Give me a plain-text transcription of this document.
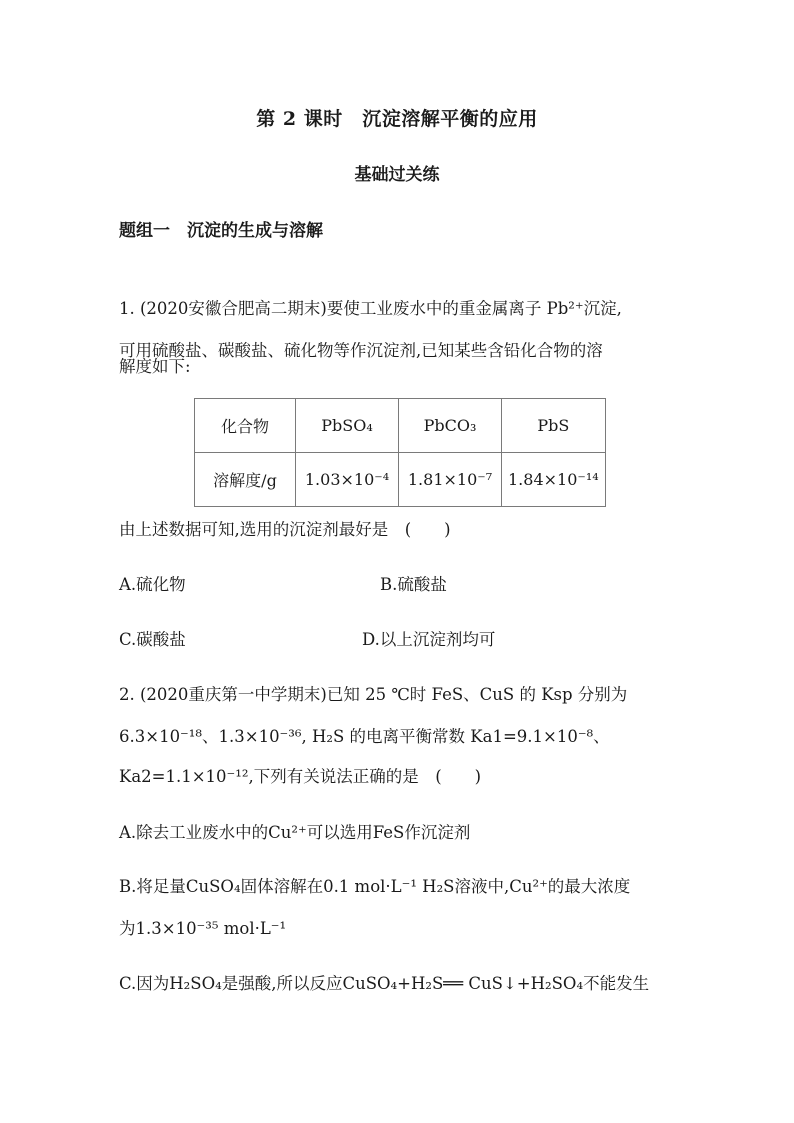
第 2 课时　沉淀溶解平衡的应用
基础过关练
题组一　沉淀的生成与溶解
1. (2020安徽合肥高二期末)要使工业废水中的重金属离子 Pb²⁺沉淀,
可用硫酸盐、碳酸盐、硫化物等作沉淀剂,已知某些含铅化合物的溶
解度如下:
化合物	PbSO₄	PbCO₃	PbS
溶解度/g	1.03×10⁻⁴	1.81×10⁻⁷	1.84×10⁻¹⁴
由上述数据可知,选用的沉淀剂最好是　(　　)
A.硫化物	B.硫酸盐
C.碳酸盐	D.以上沉淀剂均可
2. (2020重庆第一中学期末)已知 25 ℃时 FeS、CuS 的 Ksp 分别为
6.3×10⁻¹⁸、1.3×10⁻³⁶, H₂S 的电离平衡常数 Ka1=9.1×10⁻⁸、
Ka2=1.1×10⁻¹²,下列有关说法正确的是　(　　)
A.除去工业废水中的Cu²⁺可以选用FeS作沉淀剂
B.将足量CuSO₄固体溶解在0.1 mol·L⁻¹ H₂S溶液中,Cu²⁺的最大浓度
为1.3×10⁻³⁵ mol·L⁻¹
C.因为H₂SO₄是强酸,所以反应CuSO₄+H₂S══ CuS↓+H₂SO₄不能发生
